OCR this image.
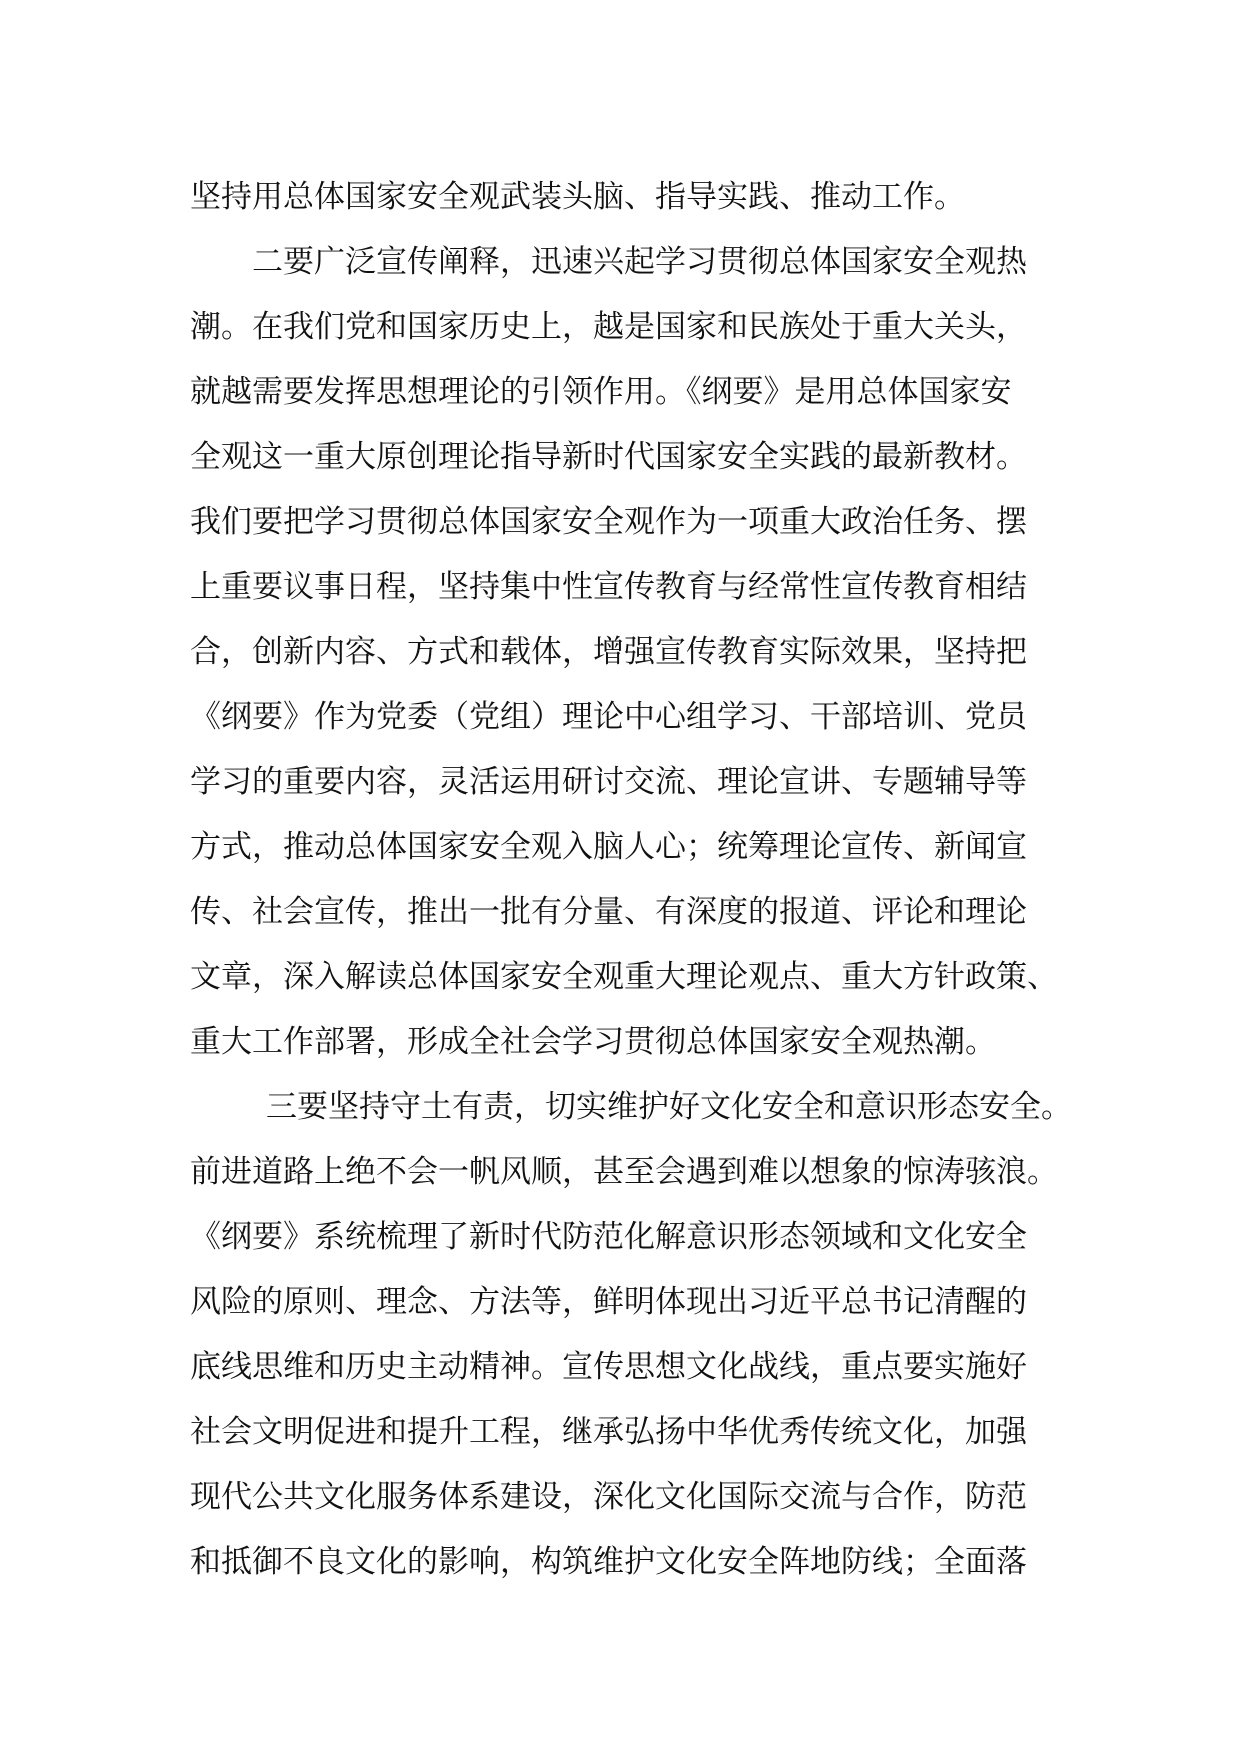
坚持用总体国家安全观武装头脑、指导实践、推动工作。
二要广泛宣传阐释，迅速兴起学习贯彻总体国家安全观热
潮。在我们党和国家历史上，越是国家和民族处于重大关头，
就越需要发挥思想理论的引领作用。《纲要》是用总体国家安
全观这一重大原创理论指导新时代国家安全实践的最新教材。
我们要把学习贯彻总体国家安全观作为一项重大政治任务、摆
上重要议事日程，坚持集中性宣传教育与经常性宣传教育相结
合，创新内容、方式和载体，增强宣传教育实际效果，坚持把
《纲要》作为党委（党组）理论中心组学习、干部培训、党员
学习的重要内容，灵活运用研讨交流、理论宣讲、专题辅导等
方式，推动总体国家安全观入脑人心；统筹理论宣传、新闻宣
传、社会宣传，推出一批有分量、有深度的报道、评论和理论
文章，深入解读总体国家安全观重大理论观点、重大方针政策、
重大工作部署，形成全社会学习贯彻总体国家安全观热潮。
三要坚持守土有责，切实维护好文化安全和意识形态安全。
前进道路上绝不会一帆风顺，甚至会遇到难以想象的惊涛骇浪。
《纲要》系统梳理了新时代防范化解意识形态领域和文化安全
风险的原则、理念、方法等，鲜明体现出习近平总书记清醒的
底线思维和历史主动精神。宣传思想文化战线，重点要实施好
社会文明促进和提升工程，继承弘扬中华优秀传统文化，加强
现代公共文化服务体系建设，深化文化国际交流与合作，防范
和抵御不良文化的影响，构筑维护文化安全阵地防线；全面落
